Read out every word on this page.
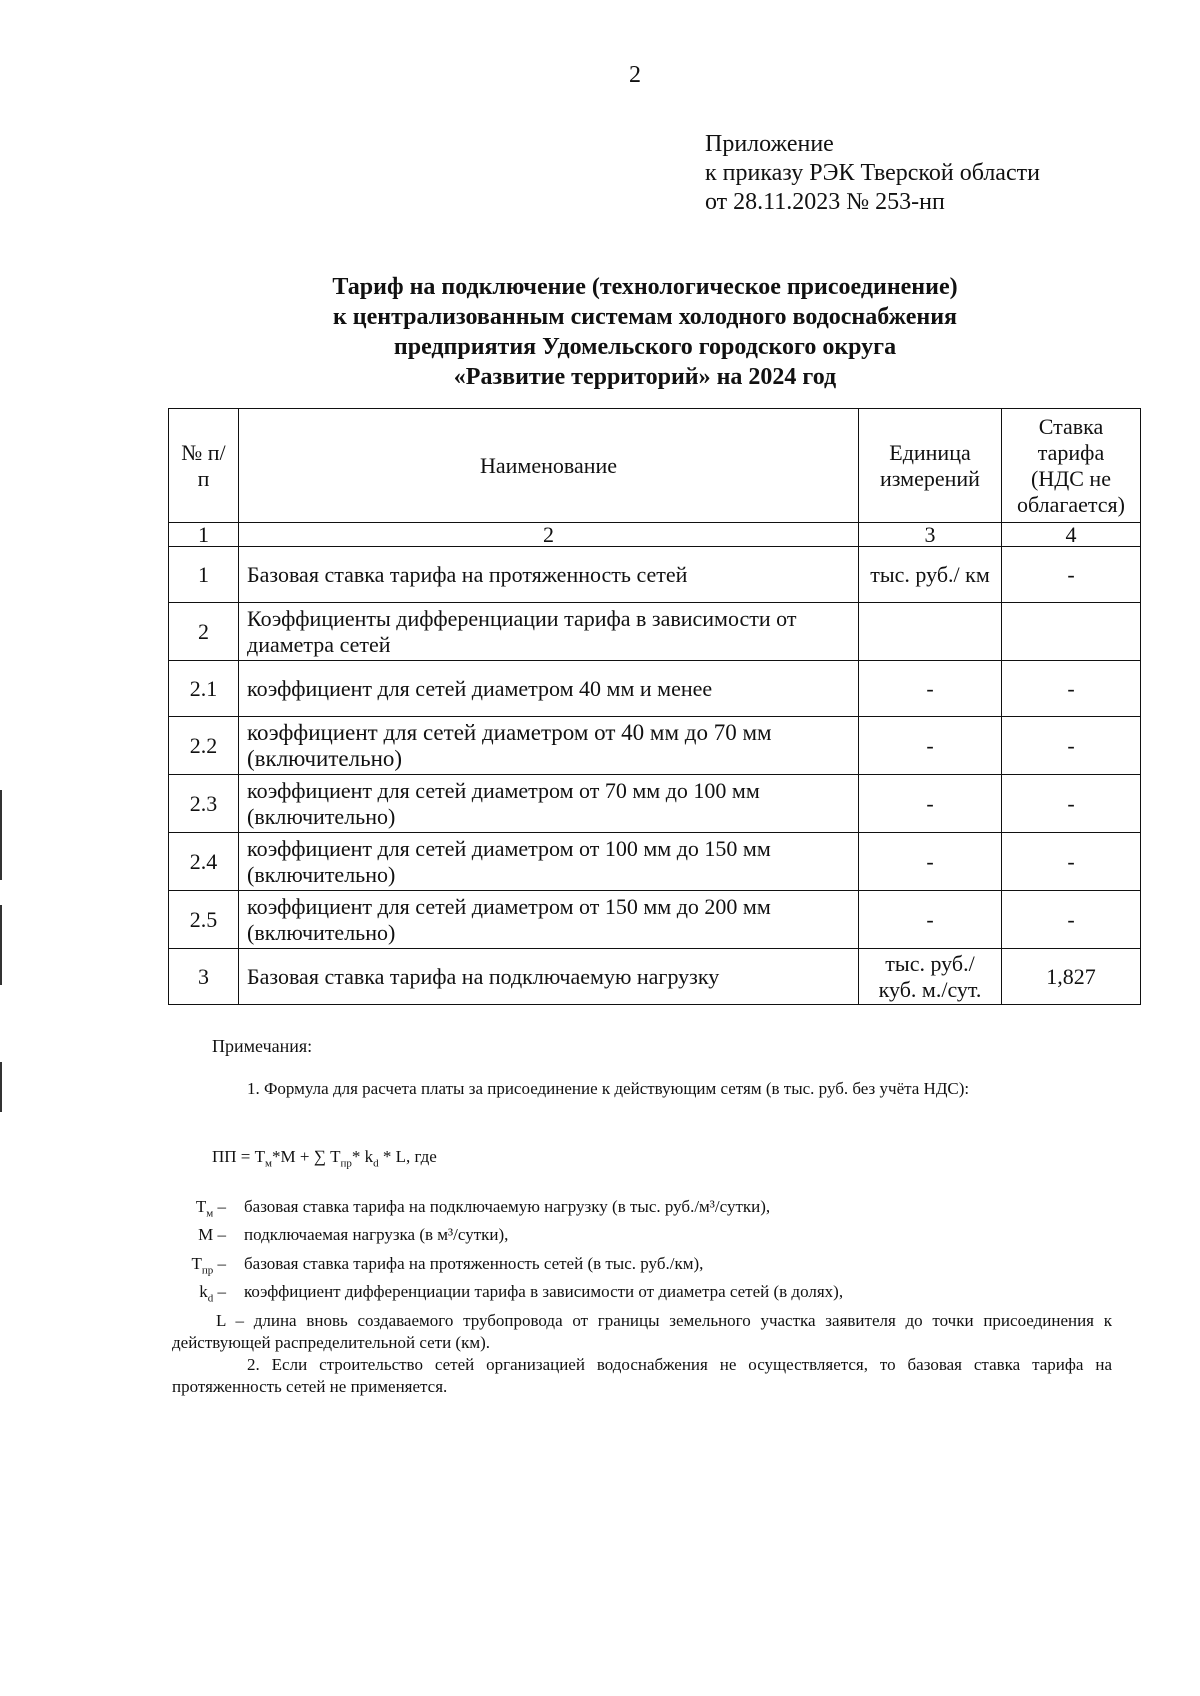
2
Приложение
к приказу РЭК Тверской области
от 28.11.2023 № 253-нп
Тариф на подключение (технологическое присоединение)
к централизованным системам холодного водоснабжения
предприятия Удомельского городского округа
«Развитие территорий» на 2024 год
№ п/п	Наименование	Единица измерений	Ставка тарифа (НДС не облагается)
1	2	3	4
1	Базовая ставка тарифа на протяженность сетей	тыс. руб./ км	-
2	Коэффициенты дифференциации тарифа в зависимости от диаметра сетей		
2.1	коэффициент для сетей диаметром 40 мм и менее	-	-
2.2	коэффициент для сетей диаметром от 40 мм до 70 мм (включительно)	-	-
2.3	коэффициент для сетей диаметром от 70 мм до 100 мм (включительно)	-	-
2.4	коэффициент для сетей диаметром от 100 мм до 150 мм (включительно)	-	-
2.5	коэффициент для сетей диаметром от 150 мм до 200 мм (включительно)	-	-
3	Базовая ставка тарифа на подключаемую нагрузку	тыс. руб./ куб. м./сут.	1,827
Примечания:
1. Формула для расчета платы за присоединение к действующим сетям (в тыс. руб. без учёта НДС):
ПП = $Т_м*М$ + ∑ $Т_{пр}*$ $k_d$ * L, где
$Т_м$ – базовая ставка тарифа на подключаемую нагрузку (в тыс. руб./м³/сутки),
М – подключаемая нагрузка (в м³/сутки),
$Т_{пр}$ – базовая ставка тарифа на протяженность сетей (в тыс. руб./км),
$k_d$ – коэффициент дифференциации тарифа в зависимости от диаметра сетей (в долях),
L – длина вновь создаваемого трубопровода от границы земельного участка заявителя до точки присоединения к действующей распределительной сети (км).
2. Если строительство сетей организацией водоснабжения не осуществляется, то базовая ставка тарифа на протяженность сетей не применяется.
